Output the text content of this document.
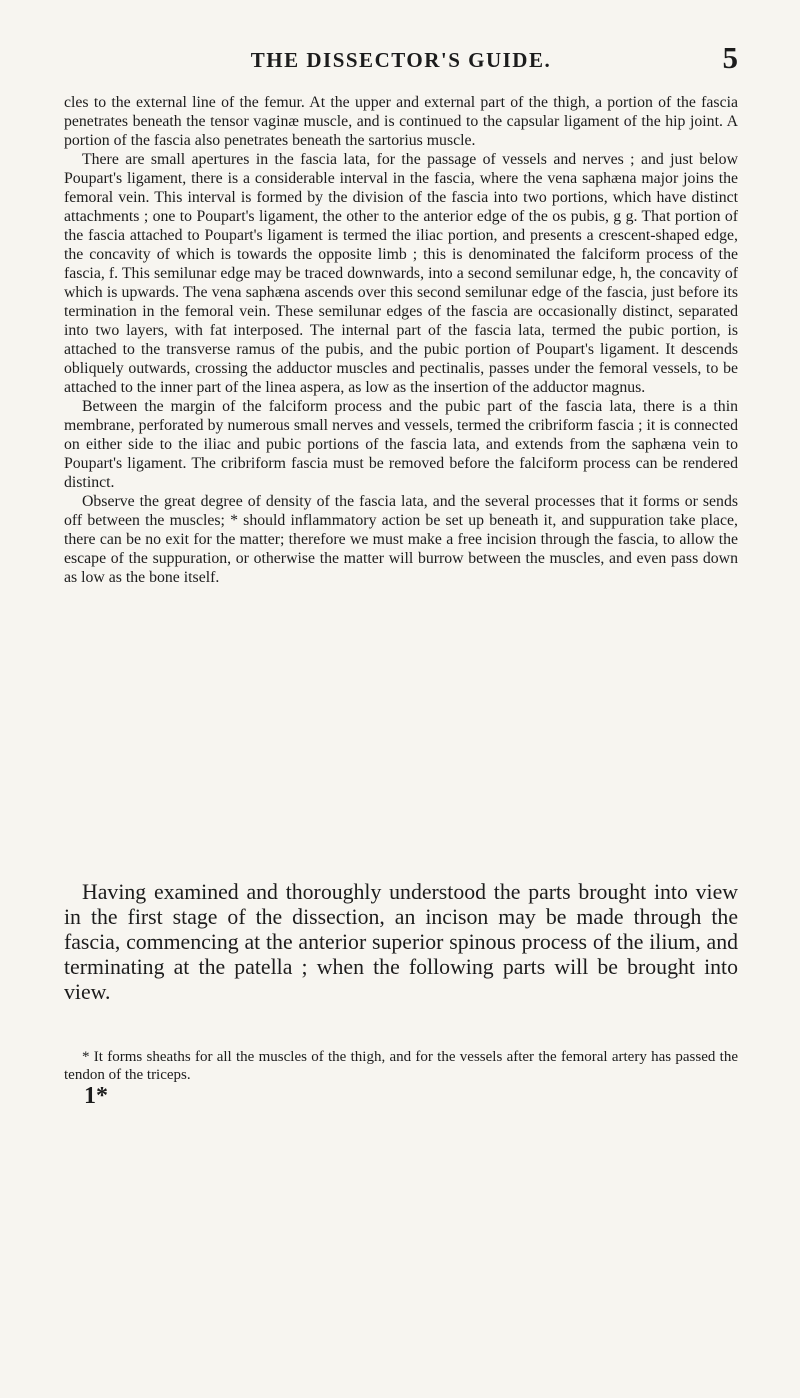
THE DISSECTOR'S GUIDE.	5

cles to the external line of the femur. At the upper and external part of the thigh, a portion of the fascia penetrates beneath the tensor vaginæ muscle, and is continued to the capsular ligament of the hip joint. A portion of the fascia also penetrates beneath the sartorius muscle.

There are small apertures in the fascia lata, for the passage of vessels and nerves ; and just below Poupart's ligament, there is a considerable interval in the fascia, where the vena saphæna major joins the femoral vein. This interval is formed by the division of the fascia into two portions, which have distinct attachments ; one to Poupart's ligament, the other to the anterior edge of the os pubis, g g. That portion of the fascia attached to Poupart's ligament is termed the iliac portion, and presents a crescent-shaped edge, the concavity of which is towards the opposite limb ; this is denominated the falciform process of the fascia, f. This semilunar edge may be traced downwards, into a second semilunar edge, h, the concavity of which is upwards. The vena saphæna ascends over this second semilunar edge of the fascia, just before its termination in the femoral vein. These semilunar edges of the fascia are occasionally distinct, separated into two layers, with fat interposed. The internal part of the fascia lata, termed the pubic portion, is attached to the transverse ramus of the pubis, and the pubic portion of Poupart's ligament. It descends obliquely outwards, crossing the adductor muscles and pectinalis, passes under the femoral vessels, to be attached to the inner part of the linea aspera, as low as the insertion of the adductor magnus.

Between the margin of the falciform process and the pubic part of the fascia lata, there is a thin membrane, perforated by numerous small nerves and vessels, termed the cribriform fascia ; it is connected on either side to the iliac and pubic portions of the fascia lata, and extends from the saphæna vein to Poupart's ligament. The cribriform fascia must be removed before the falciform process can be rendered distinct.

Observe the great degree of density of the fascia lata, and the several processes that it forms or sends off between the muscles; * should inflammatory action be set up beneath it, and suppuration take place, there can be no exit for the matter; therefore we must make a free incision through the fascia, to allow the escape of the suppuration, or otherwise the matter will burrow between the muscles, and even pass down as low as the bone itself.

Having examined and thoroughly understood the parts brought into view in the first stage of the dissection, an incison may be made through the fascia, commencing at the anterior superior spinous process of the ilium, and terminating at the patella ; when the following parts will be brought into view.

* It forms sheaths for all the muscles of the thigh, and for the vessels after the femoral artery has passed the tendon of the triceps.

1*
